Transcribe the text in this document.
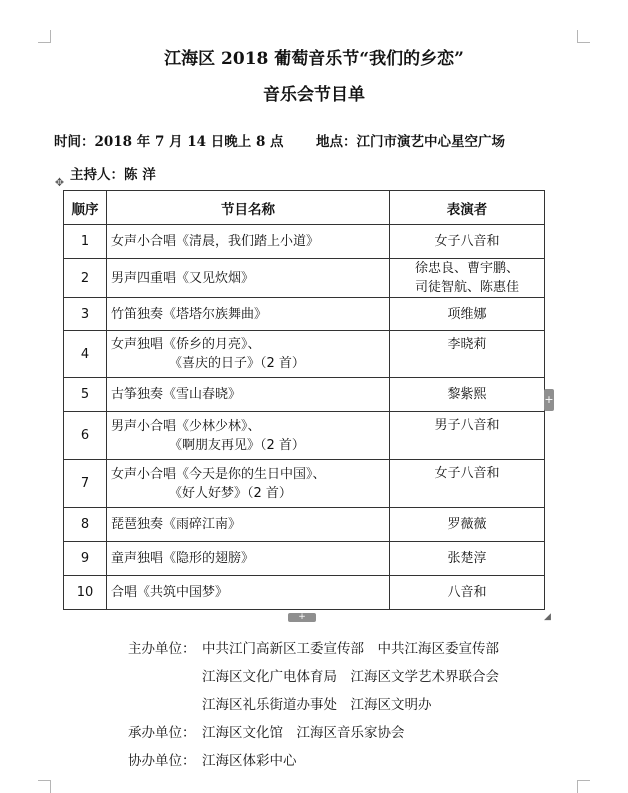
江海区 2018 葡萄音乐节“我们的乡恋”
音乐会节目单
时间：2018 年 7 月 14 日晚上 8 点 地点：江门市演艺中心星空广场
主持人：陈 洋
✥
顺序	节目名称	表演者
1	女声小合唱《清晨，我们踏上小道》	女子八音和

2	男声四重唱《又见炊烟》	徐忠良、曹宇鹏、
司徒智航、陈惠佳

3	竹笛独奏《塔塔尔族舞曲》	项维娜

4	女声独唱《侨乡的月亮》、
《喜庆的日子》（2 首）	李晓莉

5	古筝独奏《雪山春晓》	黎紫熙

6	男声小合唱《少林少林》、
《啊朋友再见》（2 首）	男子八音和

7	女声小合唱《今天是你的生日中国》、
《好人好梦》（2 首）	女子八音和

8	琵琶独奏《雨碎江南》	罗薇薇

9	童声独唱《隐形的翅膀》	张楚淳

10	合唱《共筑中国梦》	八音和
+
+	◢
主办单位： 中共江门高新区工委宣传部　中共江海区委宣传部
江海区文化广电体育局　江海区文学艺术界联合会
江海区礼乐街道办事处　江海区文明办
承办单位： 江海区文化馆　江海区音乐家协会
协办单位： 江海区体彩中心
